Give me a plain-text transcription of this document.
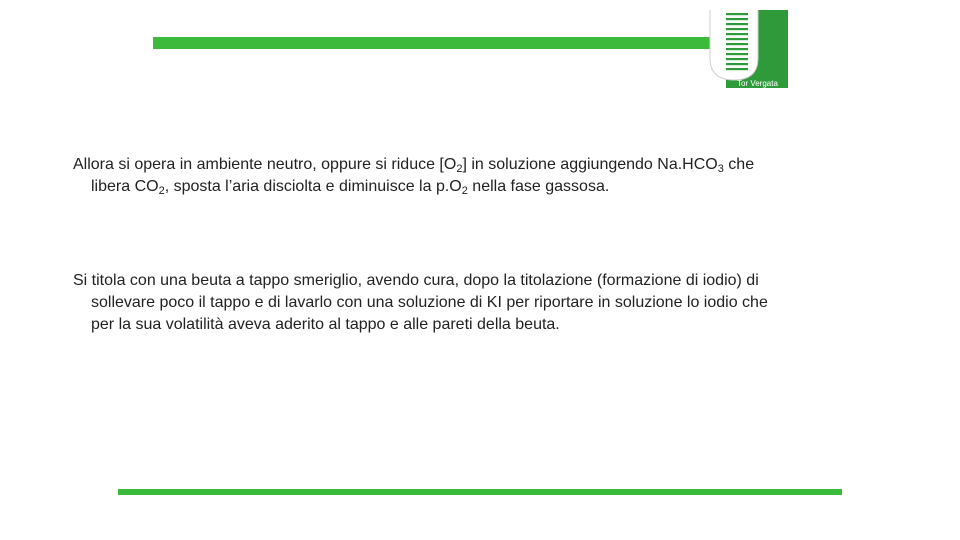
Tor Vergata

Allora si opera in ambiente neutro, oppure si riduce $[O_2]$ in soluzione aggiungendo $Na.HCO_3$ che
libera $CO_2$, sposta l’aria disciolta e diminuisce la $p.O_2$ nella fase gassosa.

Si titola con una beuta a tappo smeriglio, avendo cura, dopo la titolazione (formazione di iodio) di
sollevare poco il tappo e di lavarlo con una soluzione di KI per riportare in soluzione lo iodio che
per la sua volatilità aveva aderito al tappo e alle pareti della beuta.
